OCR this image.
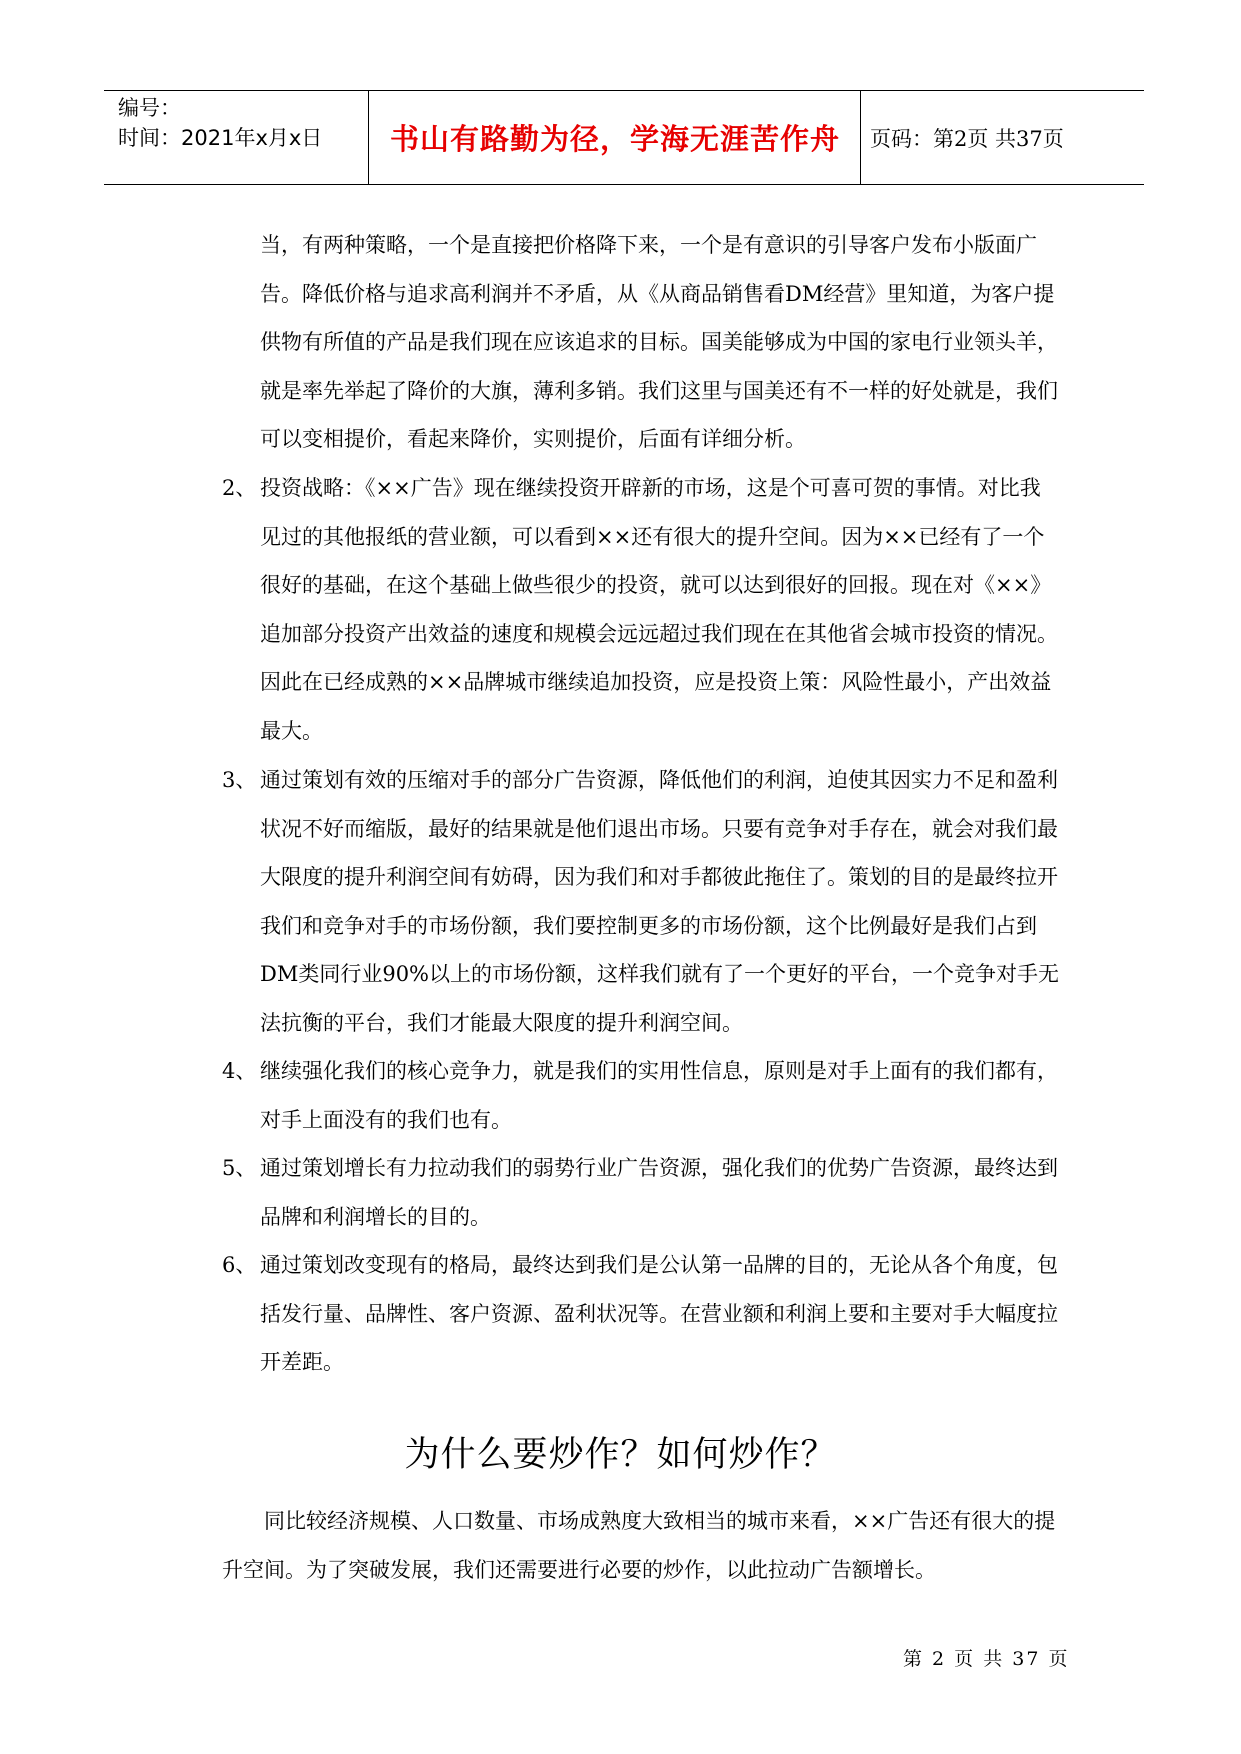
编号：
时间：2021年x月x日	书山有路勤为径，学海无涯苦作舟	页码：第2页 共37页
当，有两种策略，一个是直接把价格降下来，一个是有意识的引导客户发布小版面广告。降低价格与追求高利润并不矛盾，从《从商品销售看DM经营》里知道，为客户提供物有所值的产品是我们现在应该追求的目标。国美能够成为中国的家电行业领头羊，就是率先举起了降价的大旗，薄利多销。我们这里与国美还有不一样的好处就是，我们可以变相提价，看起来降价，实则提价，后面有详细分析。
2、 投资战略：《××广告》现在继续投资开辟新的市场，这是个可喜可贺的事情。对比我见过的其他报纸的营业额，可以看到××还有很大的提升空间。因为××已经有了一个很好的基础，在这个基础上做些很少的投资，就可以达到很好的回报。现在对《××》追加部分投资产出效益的速度和规模会远远超过我们现在在其他省会城市投资的情况。因此在已经成熟的××品牌城市继续追加投资，应是投资上策：风险性最小，产出效益最大。
3、 通过策划有效的压缩对手的部分广告资源，降低他们的利润，迫使其因实力不足和盈利状况不好而缩版，最好的结果就是他们退出市场。只要有竞争对手存在，就会对我们最大限度的提升利润空间有妨碍，因为我们和对手都彼此拖住了。策划的目的是最终拉开我们和竞争对手的市场份额，我们要控制更多的市场份额，这个比例最好是我们占到DM类同行业90%以上的市场份额，这样我们就有了一个更好的平台，一个竞争对手无法抗衡的平台，我们才能最大限度的提升利润空间。
4、 继续强化我们的核心竞争力，就是我们的实用性信息，原则是对手上面有的我们都有，对手上面没有的我们也有。
5、 通过策划增长有力拉动我们的弱势行业广告资源，强化我们的优势广告资源，最终达到品牌和利润增长的目的。
6、 通过策划改变现有的格局，最终达到我们是公认第一品牌的目的，无论从各个角度，包括发行量、品牌性、客户资源、盈利状况等。在营业额和利润上要和主要对手大幅度拉开差距。
为什么要炒作？如何炒作？
同比较经济规模、人口数量、市场成熟度大致相当的城市来看，××广告还有很大的提升空间。为了突破发展，我们还需要进行必要的炒作，以此拉动广告额增长。
第 2 页 共 37 页
